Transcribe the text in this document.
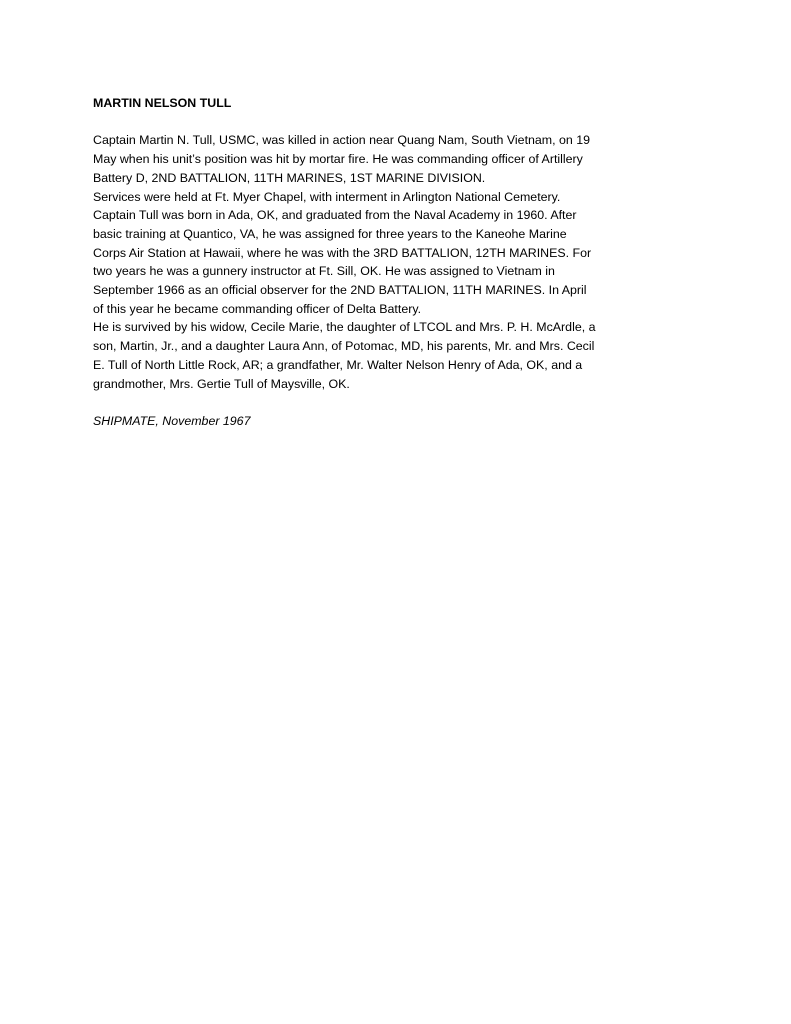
MARTIN NELSON TULL

Captain Martin N. Tull, USMC, was killed in action near Quang Nam, South Vietnam, on 19
May when his unit’s position was hit by mortar fire. He was commanding officer of Artillery
Battery D, 2ND BATTALION, 11TH MARINES, 1ST MARINE DIVISION.

Services were held at Ft. Myer Chapel, with interment in Arlington National Cemetery.
Captain Tull was born in Ada, OK, and graduated from the Naval Academy in 1960. After
basic training at Quantico, VA, he was assigned for three years to the Kaneohe Marine
Corps Air Station at Hawaii, where he was with the 3RD BATTALION, 12TH MARINES. For
two years he was a gunnery instructor at Ft. Sill, OK. He was assigned to Vietnam in
September 1966 as an official observer for the 2ND BATTALION, 11TH MARINES. In April
of this year he became commanding officer of Delta Battery.

He is survived by his widow, Cecile Marie, the daughter of LTCOL and Mrs. P. H. McArdle, a
son, Martin, Jr., and a daughter Laura Ann, of Potomac, MD, his parents, Mr. and Mrs. Cecil
E. Tull of North Little Rock, AR; a grandfather, Mr. Walter Nelson Henry of Ada, OK, and a
grandmother, Mrs. Gertie Tull of Maysville, OK.

SHIPMATE, November 1967
